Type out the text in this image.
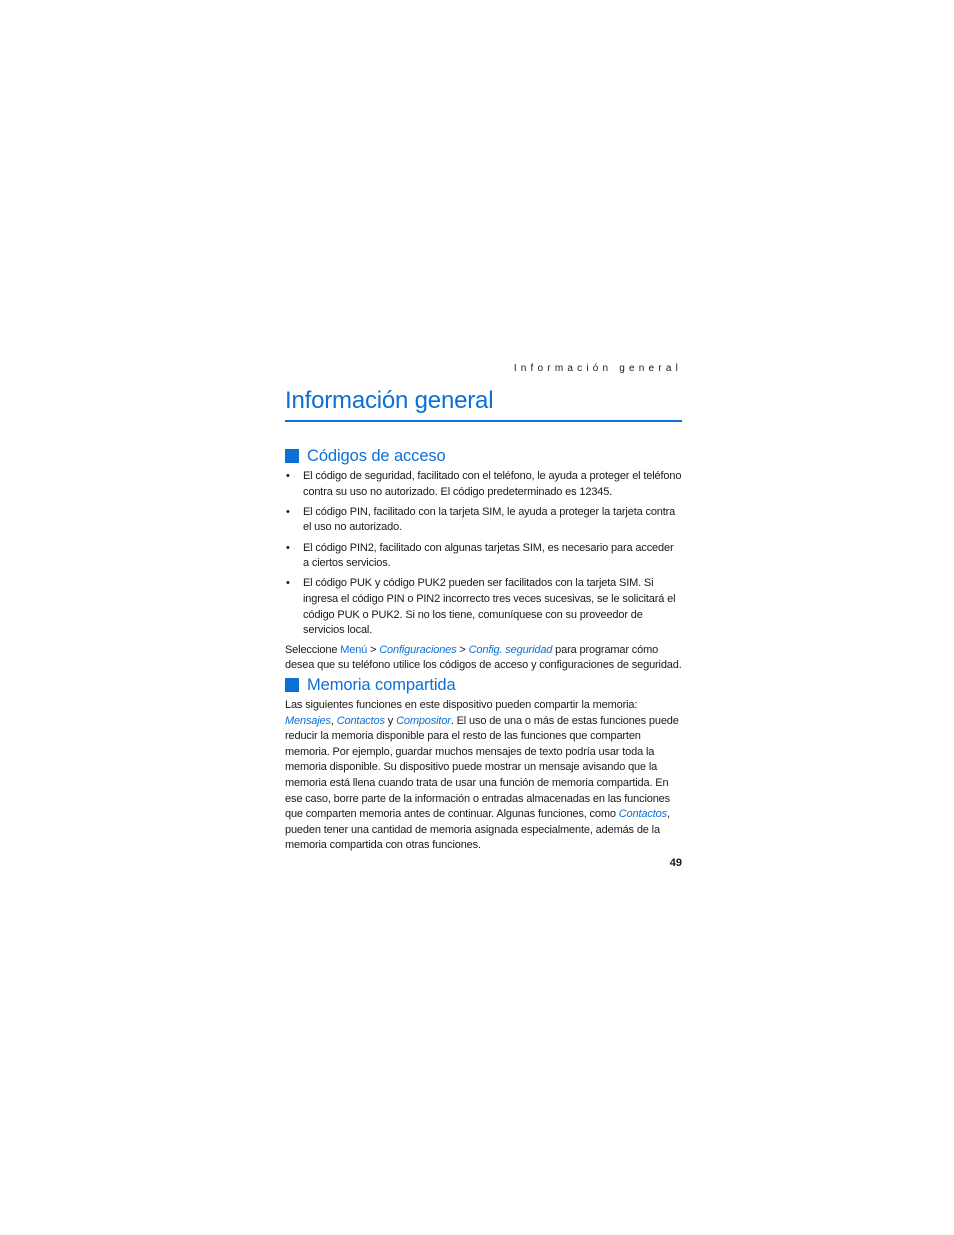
Información general
Información general
Códigos de acceso
• El código de seguridad, facilitado con el teléfono, le ayuda a proteger el teléfono contra su uso no autorizado. El código predeterminado es 12345.
• El código PIN, facilitado con la tarjeta SIM, le ayuda a proteger la tarjeta contra el uso no autorizado.
• El código PIN2, facilitado con algunas tarjetas SIM, es necesario para acceder a ciertos servicios.
• El código PUK y código PUK2 pueden ser facilitados con la tarjeta SIM. Si ingresa el código PIN o PIN2 incorrecto tres veces sucesivas, se le solicitará el código PUK o PUK2. Si no los tiene, comuníquese con su proveedor de servicios local.

Seleccione Menú > Configuraciones > Config. seguridad para programar cómo desea que su teléfono utilice los códigos de acceso y configuraciones de seguridad.

Memoria compartida

Las siguientes funciones en este dispositivo pueden compartir la memoria: Mensajes, Contactos y Compositor. El uso de una o más de estas funciones puede reducir la memoria disponible para el resto de las funciones que comparten memoria. Por ejemplo, guardar muchos mensajes de texto podría usar toda la memoria disponible. Su dispositivo puede mostrar un mensaje avisando que la memoria está llena cuando trata de usar una función de memoria compartida. En ese caso, borre parte de la información o entradas almacenadas en las funciones que comparten memoria antes de continuar. Algunas funciones, como Contactos, pueden tener una cantidad de memoria asignada especialmente, además de la memoria compartida con otras funciones.

49
